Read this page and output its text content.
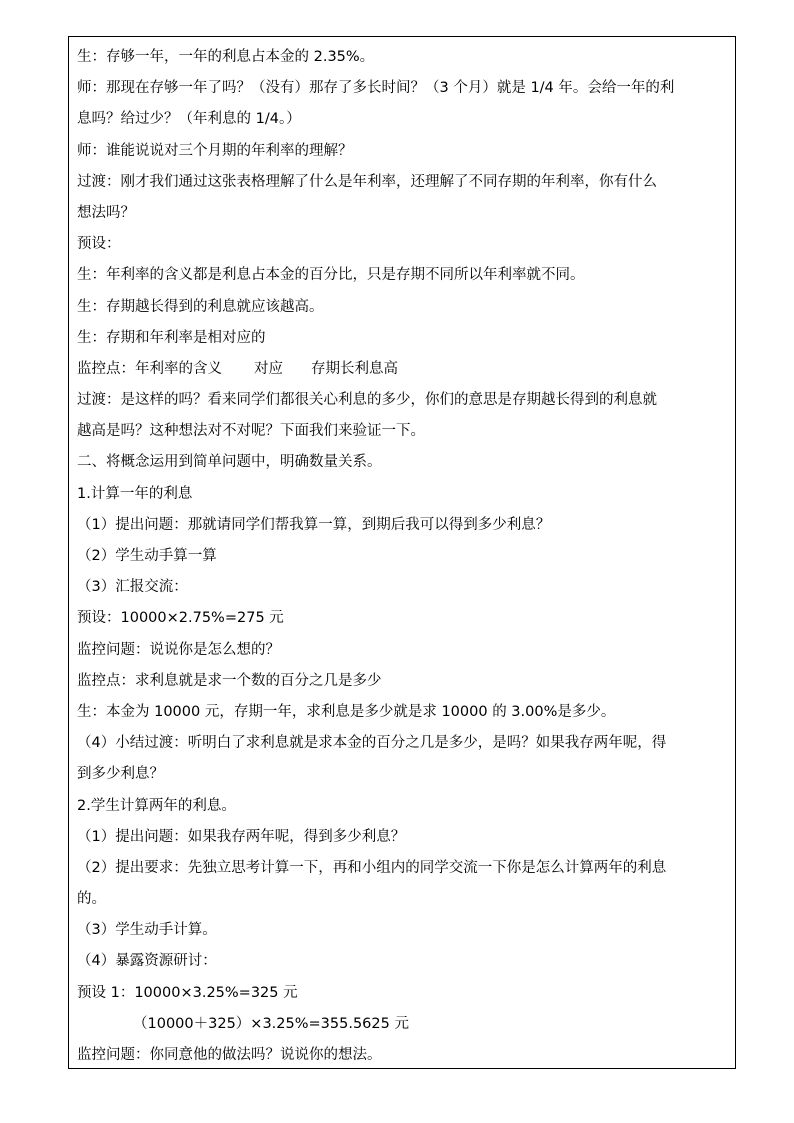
生：存够一年，一年的利息占本金的 2.35%。
师：那现在存够一年了吗？（没有）那存了多长时间？（3 个月）就是 1/4 年。会给一年的利
息吗？给过少？（年利息的 1/4。）
师：谁能说说对三个月期的年利率的理解？
过渡：刚才我们通过这张表格理解了什么是年利率，还理解了不同存期的年利率，你有什么
想法吗？
预设：
生：年利率的含义都是利息占本金的百分比，只是存期不同所以年利率就不同。
生：存期越长得到的利息就应该越高。
生：存期和年利率是相对应的
监控点：年利率的含义 对应 存期长利息高
过渡：是这样的吗？看来同学们都很关心利息的多少，你们的意思是存期越长得到的利息就
越高是吗？这种想法对不对呢？下面我们来验证一下。
二、将概念运用到简单问题中，明确数量关系。
1.计算一年的利息
（1）提出问题：那就请同学们帮我算一算，到期后我可以得到多少利息？
（2）学生动手算一算
（3）汇报交流：
预设：10000×2.75%=275 元
监控问题：说说你是怎么想的？
监控点：求利息就是求一个数的百分之几是多少
生：本金为 10000 元，存期一年，求利息是多少就是求 10000 的 3.00%是多少。
（4）小结过渡：听明白了求利息就是求本金的百分之几是多少，是吗？如果我存两年呢，得
到多少利息？
2.学生计算两年的利息。
（1）提出问题：如果我存两年呢，得到多少利息？
（2）提出要求：先独立思考计算一下，再和小组内的同学交流一下你是怎么计算两年的利息
的。
（3）学生动手计算。
（4）暴露资源研讨：
预设 1：10000×3.25%=325 元
（10000＋325）×3.25%=355.5625 元
监控问题：你同意他的做法吗？说说你的想法。
